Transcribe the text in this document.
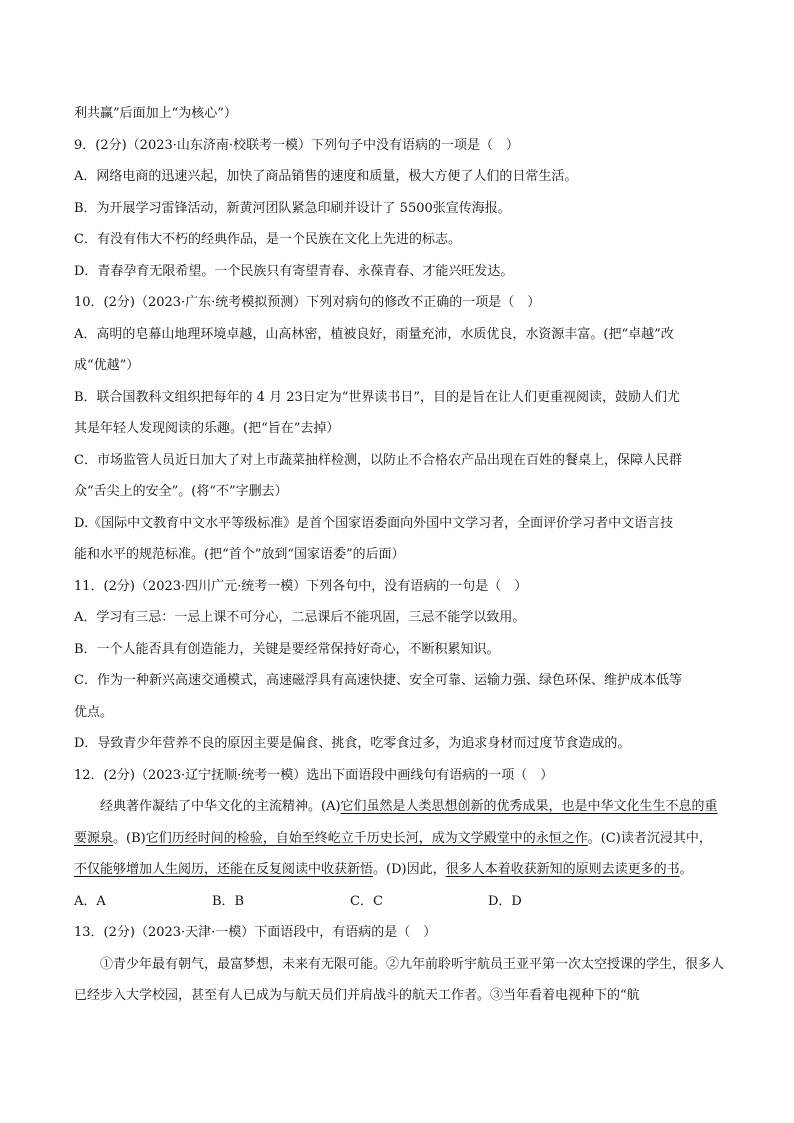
利共赢”后面加上“为核心”）
9．(2分)（2023·山东济南·校联考一模）下列句子中没有语病的一项是（　）
A．网络电商的迅速兴起，加快了商品销售的速度和质量，极大方便了人们的日常生活。
B．为开展学习雷锋活动，新黄河团队紧急印刷并设计了 5500张宣传海报。
C．有没有伟大不朽的经典作品，是一个民族在文化上先进的标志。
D．青春孕育无限希望。一个民族只有寄望青春、永葆青春、才能兴旺发达。
10．(2分)（2023·广东·统考模拟预测）下列对病句的修改不正确的一项是（　）
A．高明的皂幕山地理环境卓越，山高林密，植被良好，雨量充沛，水质优良，水资源丰富。(把“卓越”改
成“优越”）
B．联合国教科文组织把每年的 4 月 23日定为“世界读书日”，目的是旨在让人们更重视阅读，鼓励人们尤
其是年轻人发现阅读的乐趣。(把“旨在”去掉）
C．市场监管人员近日加大了对上市蔬菜抽样检测，以防止不合格农产品出现在百姓的餐桌上，保障人民群
众“舌尖上的安全”。(将“不”字删去）
D.《国际中文教育中文水平等级标准》是首个国家语委面向外国中文学习者，全面评价学习者中文语言技
能和水平的规范标准。(把“首个”放到“国家语委”的后面）
11．(2分)（2023·四川广元·统考一模）下列各句中，没有语病的一句是（　）
A．学习有三忌：一忌上课不可分心，二忌课后不能巩固，三忌不能学以致用。
B．一个人能否具有创造能力，关键是要经常保持好奇心，不断积累知识。
C．作为一种新兴高速交通模式，高速磁浮具有高速快捷、安全可靠、运输力强、绿色环保、维护成本低等
优点。
D．导致青少年营养不良的原因主要是偏食、挑食，吃零食过多，为追求身材而过度节食造成的。
12．(2分)（2023·辽宁抚顺·统考一模）选出下面语段中画线句有语病的一项（　）
经典著作凝结了中华文化的主流精神。(A)它们虽然是人类思想创新的优秀成果，也是中华文化生生不息的重要源泉。(B)它们历经时间的检验，自始至终屹立千历史长河，成为文学殿堂中的永恒之作。(C)读者沉浸其中，不仅能够增加人生阅历，还能在反复阅读中收获新悟。(D)因此，很多人本着收获新知的原则去读更多的书。
A．A	B．B	C．C	D．D
13．(2分)（2023·天津·一模）下面语段中，有语病的是（　）
①青少年最有朝气，最富梦想，未来有无限可能。②九年前聆听宇航员王亚平第一次太空授课的学生，很多人已经步入大学校园，甚至有人已成为与航天员们并肩战斗的航天工作者。③当年看着电视种下的“航
